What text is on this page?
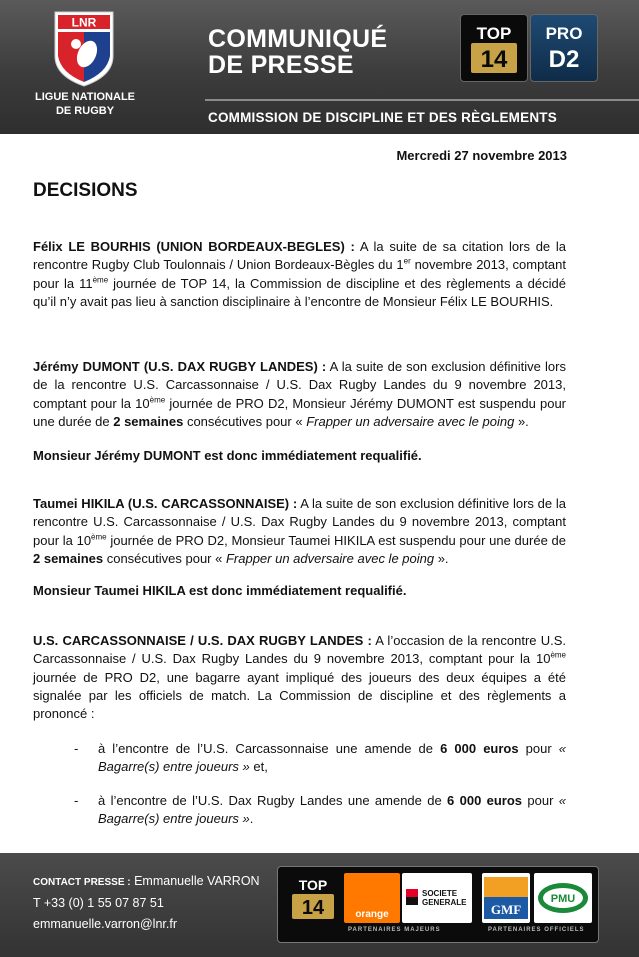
LNR
LIGUE NATIONALE
DE RUGBY
COMMUNIQUÉ
DE PRESSE
TOP
14
PRO
D2
COMMISSION DE DISCIPLINE ET DES RÈGLEMENTS
Mercredi 27 novembre 2013
DECISIONS

Félix LE BOURHIS (UNION BORDEAUX-BEGLES) : A la suite de sa citation lors de la rencontre Rugby Club Toulonnais / Union Bordeaux-Bègles du 1er novembre 2013, comptant pour la 11ème journée de TOP 14, la Commission de discipline et des règlements a décidé qu’il n’y avait pas lieu à sanction disciplinaire à l’encontre de Monsieur Félix LE BOURHIS.

Jérémy DUMONT (U.S. DAX RUGBY LANDES) : A la suite de son exclusion définitive lors de la rencontre U.S. Carcassonnaise / U.S. Dax Rugby Landes du 9 novembre 2013, comptant pour la 10ème journée de PRO D2, Monsieur Jérémy DUMONT est suspendu pour une durée de 2 semaines consécutives pour « Frapper un adversaire avec le poing ».

Monsieur Jérémy DUMONT est donc immédiatement requalifié.

Taumei HIKILA (U.S. CARCASSONNAISE) : A la suite de son exclusion définitive lors de la rencontre U.S. Carcassonnaise / U.S. Dax Rugby Landes du 9 novembre 2013, comptant pour la 10ème journée de PRO D2, Monsieur Taumei HIKILA est suspendu pour une durée de 2 semaines consécutives pour « Frapper un adversaire avec le poing ».

Monsieur Taumei HIKILA est donc immédiatement requalifié.

U.S. CARCASSONNAISE / U.S. DAX RUGBY LANDES : A l’occasion de la rencontre U.S. Carcassonnaise / U.S. Dax Rugby Landes du 9 novembre 2013, comptant pour la 10ème journée de PRO D2, une bagarre ayant impliqué des joueurs des deux équipes a été signalée par les officiels de match. La Commission de discipline et des règlements a prononcé :

- à l’encontre de l’U.S. Carcassonnaise une amende de 6 000 euros pour « Bagarre(s) entre joueurs » et,
- à l’encontre de l’U.S. Dax Rugby Landes une amende de 6 000 euros pour « Bagarre(s) entre joueurs ».
CONTACT PRESSE : Emmanuelle VARRON
T +33 (0) 1 55 07 87 51
emmanuelle.varron@lnr.fr
TOP
14	orange
SOCIETE
GENERALE GMF
PMU
PARTENAIRES MAJEURS	PARTENAIRES OFFICIELS
